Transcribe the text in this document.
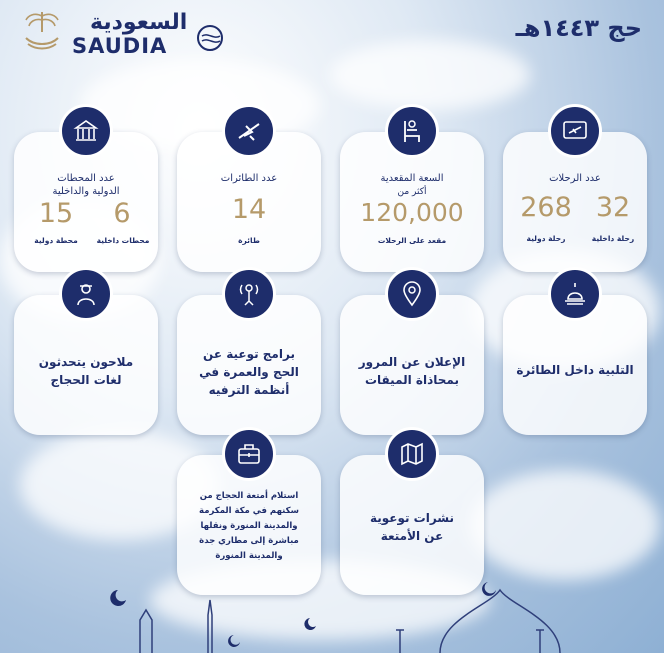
السعودية
SAUDIA
حج ١٤٤٣هـ
عدد الرحلات
32
268
رحلة داخلية
رحلة دولية
السعة المقعدية
أكثر من
120,000
مقعد على الرحلات
عدد الطائرات
14
طائرة
عدد المحطات
الدولية والداخلية
6
15
محطات داخلية
محطة دولية
التلبية داخل الطائرة
الإعلان عن المرور
بمحاذاة الميقات
برامج توعية عن
الحج والعمرة في
أنظمة الترفيه
ملاحون يتحدثون
لغات الحجاج
نشرات توعوية
عن الأمتعة
استلام أمتعة الحجاج من
سكنهم في مكة المكرمة
والمدينة المنورة ونقلها
مباشرة إلى مطاري جدة
والمدينة المنورة
